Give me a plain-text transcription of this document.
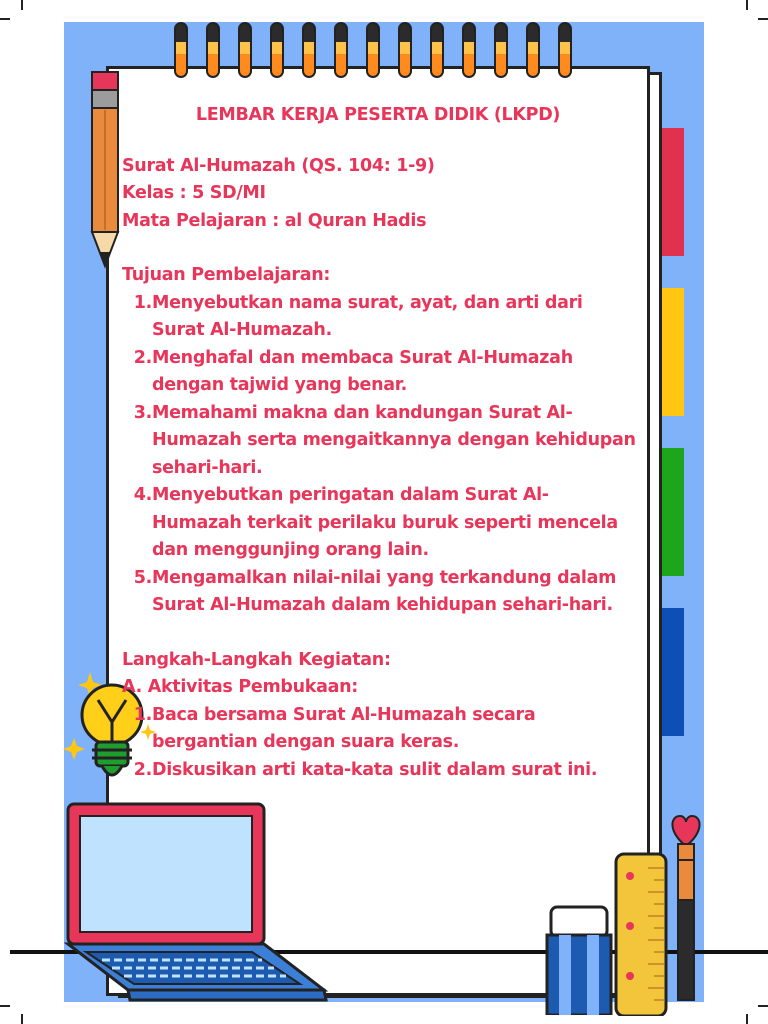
LEMBAR KERJA PESERTA DIDIK (LKPD)

Surat Al-Humazah (QS. 104: 1-9)

Kelas : 5 SD/MI

Mata Pelajaran : al Quran Hadis

Tujuan Pembelajaran:

1. Menyebutkan nama surat, ayat, dan arti dari
Surat Al-Humazah.
2. Menghafal dan membaca Surat Al-Humazah
dengan tajwid yang benar.
3. Memahami makna dan kandungan Surat Al-
Humazah serta mengaitkannya dengan kehidupan
sehari-hari.
4. Menyebutkan peringatan dalam Surat Al-
Humazah terkait perilaku buruk seperti mencela
dan menggunjing orang lain.
5. Mengamalkan nilai-nilai yang terkandung dalam
Surat Al-Humazah dalam kehidupan sehari-hari.

Langkah-Langkah Kegiatan:

A. Aktivitas Pembukaan:

1. Baca bersama Surat Al-Humazah secara
bergantian dengan suara keras.
2. Diskusikan arti kata-kata sulit dalam surat ini.
